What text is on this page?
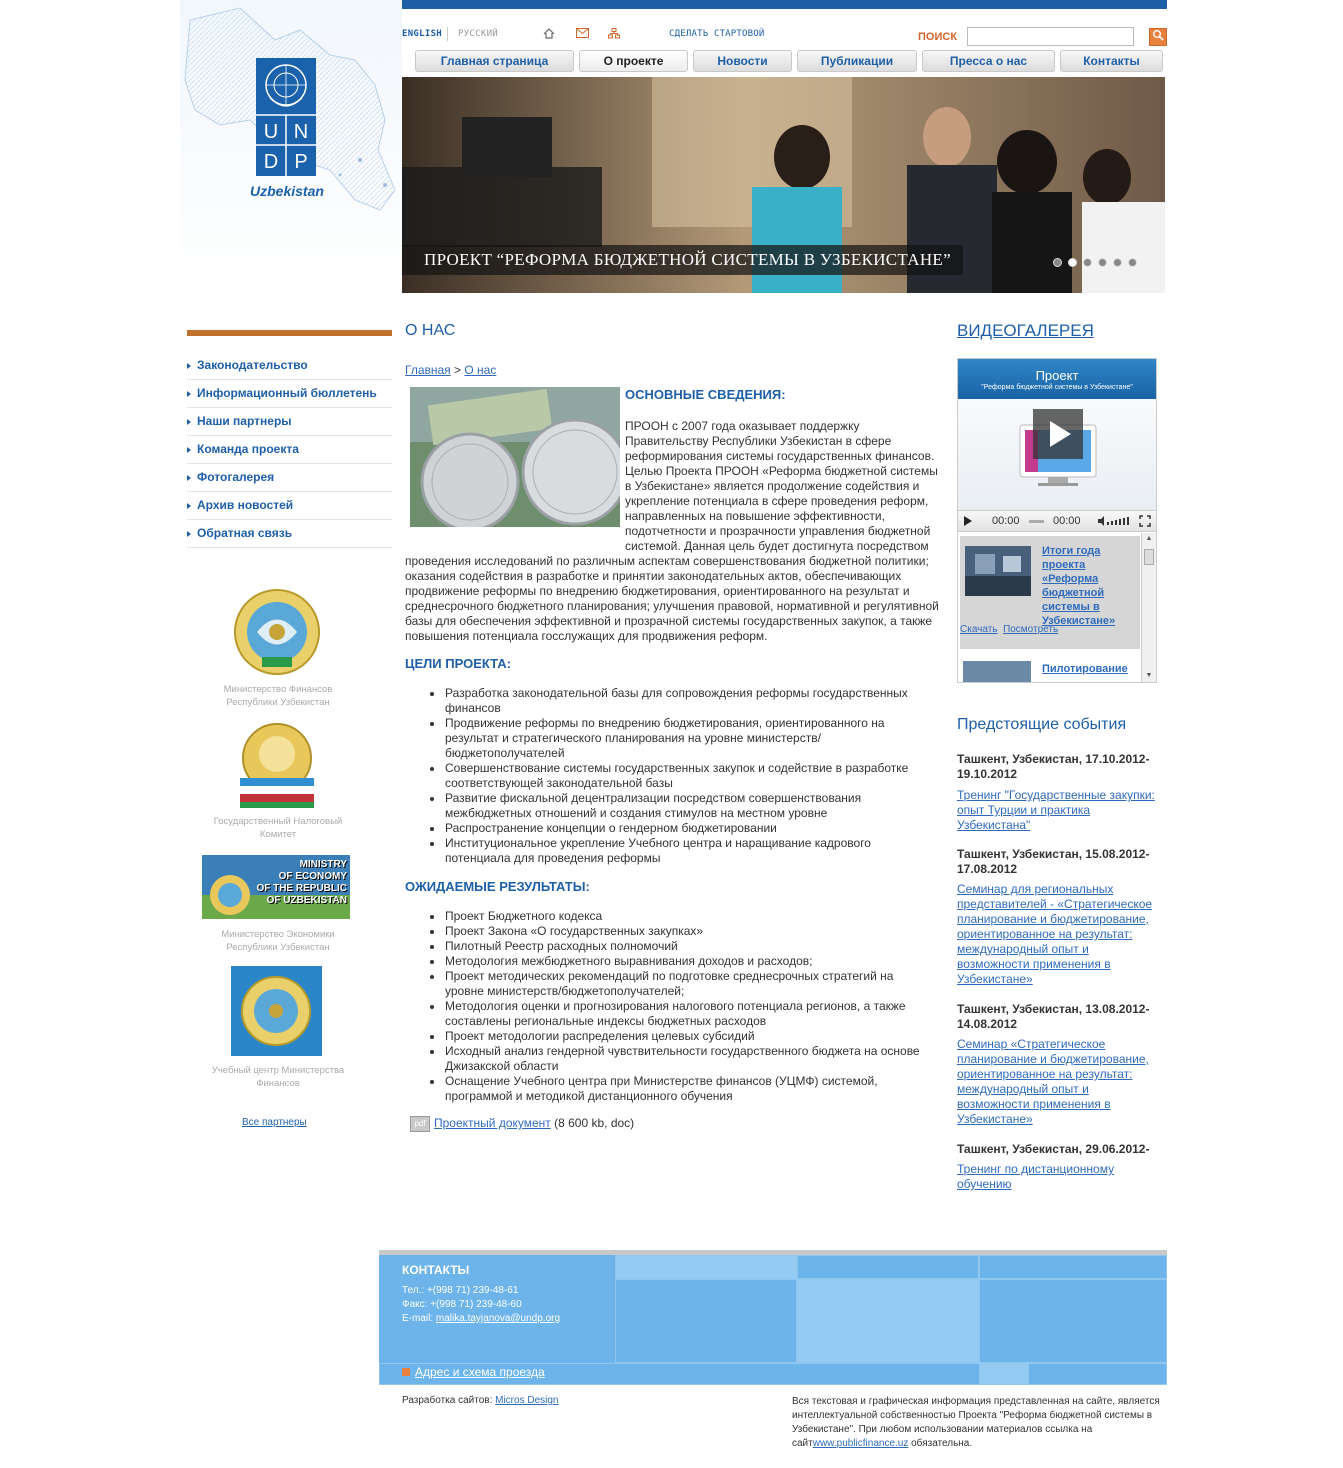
U N
D P
Uzbekistan
ENGLISH РУССКИЙ	СДЕЛАТЬ СТАРТОВОЙ	ПОИСК
Главная страница	О проекте	Новости	Публикации	Пресса о нас	Контакты
ПРОЕКТ “РЕФОРМА БЮДЖЕТНОЙ СИСТЕМЫ В УЗБЕКИСТАНЕ”
Законодательство
Информационный бюллетень
Наши партнеры
Команда проекта
Фотогалерея
Архив новостей
Обратная связь
Министерство Финансов Республики Узбекистан
Государственный Налоговый Комитет
MINISTRY
OF ECONOMY
OF THE REPUBLIC
OF UZBEKISTAN
Министерство Экономики Республики Узбекистан
Учебный центр Министерства Финансов
Все партнеры
О НАС
Главная > О нас
ОСНОВНЫЕ СВЕДЕНИЯ:
ПРООН с 2007 года оказывает поддержку Правительству Республики Узбекистан в сфере реформирования системы государственных финансов. Целью Проекта ПРООН «Реформа бюджетной системы в Узбекистане» является продолжение содействия и укрепление потенциала в сфере проведения реформ, направленных на повышение эффективности, подотчетности и прозрачности управления бюджетной системой. Данная цель будет достигнута посредством проведения исследований по различным аспектам совершенствования бюджетной политики; оказания содействия в разработке и принятии законодательных актов, обеспечивающих продвижение реформы по внедрению бюджетирования, ориентированного на результат и среднесрочного бюджетного планирования; улучшения правовой, нормативной и регулятивной базы для обеспечения эффективной и прозрачной системы государственных закупок, а также повышения потенциала госслужащих для продвижения реформ.
ЦЕЛИ ПРОЕКТА:
Разработка законодательной базы для сопровождения реформы государственных финансов
Продвижение реформы по внедрению бюджетирования, ориентированного на результат и стратегического планирования на уровне министерств/бюджетополучателей
Совершенствование системы государственных закупок и содействие в разработке соответствующей законодательной базы
Развитие фискальной децентрализации посредством совершенствования межбюджетных отношений и создания стимулов на местном уровне
Распространение концепции о гендерном бюджетировании
Институциональное укрепление Учебного центра и наращивание кадрового потенциала для проведения реформы
ОЖИДАЕМЫЕ РЕЗУЛЬТАТЫ:
Проект Бюджетного кодекса
Проект Закона «О государственных закупках»
Пилотный Реестр расходных полномочий
Методология межбюджетного выравнивания доходов и расходов;
Проект методических рекомендаций по подготовке среднесрочных стратегий на уровне министерств/бюджетополучателей;
Методология оценки и прогнозирования налогового потенциала регионов, а также составлены региональные индексы бюджетных расходов
Проект методологии распределения целевых субсидий
Исходный анализ гендерной чувствительности государственного бюджета на основе Джизакской области
Оснащение Учебного центра при Министерстве финансов (УЦМФ) системой, программой и методикой дистанционного обучения
pdf Проектный документ (8 600 kb, doc)
ВИДЕОГАЛЕРЕЯ
Проект
"Реформа бюджетной системы в Узбекистане"
00:00	00:00
Итоги года проекта «Реформа бюджетной системы в Узбекистане»
Скачать Посмотреть
Пилотирование
▲
▼
Предстоящие события
Ташкент, Узбекистан, 17.10.2012-19.10.2012
Тренинг "Государственные закупки: опыт Турции и практика Узбекистана"
Ташкент, Узбекистан, 15.08.2012-17.08.2012
Семинар для региональных представителей - «Стратегическое планирование и бюджетирование, ориентированное на результат: международный опыт и возможности применения в Узбекистане»
Ташкент, Узбекистан, 13.08.2012-14.08.2012
Семинар «Стратегическое планирование и бюджетирование, ориентированное на результат: международный опыт и возможности применения в Узбекистане»
Ташкент, Узбекистан, 29.06.2012-
Тренинг по дистанционному обучению
КОНТАКТЫ
Тел.: +(998 71) 239-48-61
Факс: +(998 71) 239-48-60
E-mail: malika.tayjanova@undp.org
Адрес и схема проезда
Разработка сайтов: Micros Design	Вся текстовая и графическая информация представленная на сайте, является интеллектуальной собственностью Проекта "Реформа бюджетной системы в Узбекистане". При любом использовании материалов ссылка на сайтwww.publicfinance.uz обязательна.
